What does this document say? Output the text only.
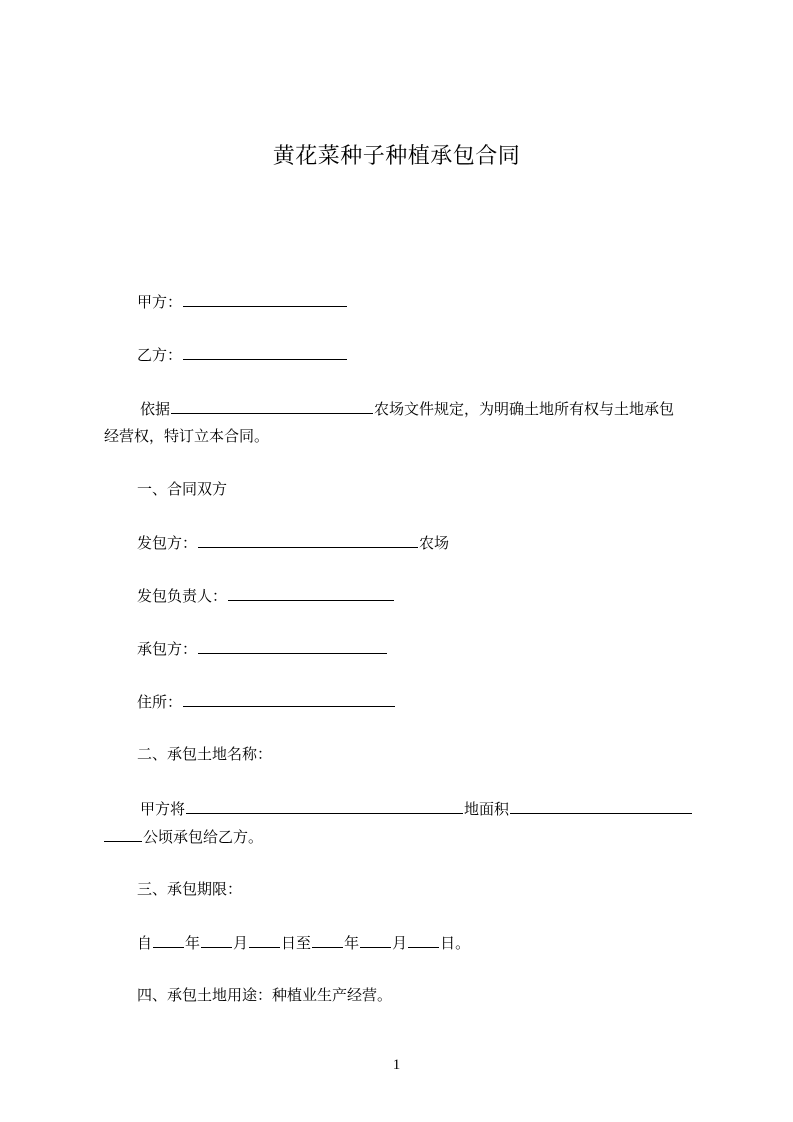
黄花菜种子种植承包合同
甲方：
乙方：
依据	农场文件规定，为明确土地所有权与土地承包
经营权，特订立本合同。
一、合同双方
发包方：	农场
发包负责人：
承包方：
住所：
二、承包土地名称：
甲方将	地面积
公顷承包给乙方。
三、承包期限：
自 年 月 日至 年 月 日。
四、承包土地用途：种植业生产经营。
1
